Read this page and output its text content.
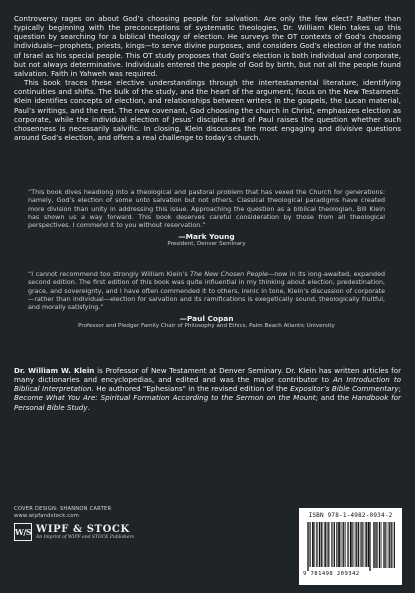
Controversy rages on about God’s choosing people for salvation. Are only the few elect? Rather than typically beginning with the preconceptions of systematic theologies, Dr. William Klein takes up this question by searching for a biblical theology of election. He surveys the OT contexts of God’s choosing individuals—prophets, priests, kings—to serve divine purposes, and considers God’s election of the nation of Israel as his special people. This OT study proposes that God’s election is both individual and corporate, but not always determinative. Individuals entered the people of God by birth, but not all the people found salvation. Faith in Yahweh was required.

This book traces these elective understandings through the intertestamental literature, identifying continuities and shifts. The bulk of the study, and the heart of the argument, focus on the New Testament. Klein identifies concepts of election, and relationships between writers in the gospels, the Lucan material, Paul’s writings, and the rest. The new covenant, God choosing the church in Christ, emphasizes election as corporate, while the individual election of Jesus’ disciples and of Paul raises the question whether such chosenness is necessarily salvific. In closing, Klein discusses the most engaging and divisive questions around God’s election, and offers a real challenge to today’s church.

“This book dives headlong into a theological and pastoral problem that has vexed the Church for generations: namely, God’s election of some unto salvation but not others. Classical theological paradigms have created more division than unity in addressing this issue. Approaching the question as a biblical theologian, Bill Klein has shown us a way forward. This book deserves careful consideration by those from all theological perspectives. I commend it to you without reservation.”

—Mark Young
President, Denver Seminary

“I cannot recommend too strongly William Klein’s The New Chosen People—now in its long-awaited, expanded second edition. The first edition of this book was quite influential in my thinking about election, predestination, grace, and sovereignty, and I have often commended it to others, irenic in tone, Klein’s discussion of corporate—rather than individual—election for salvation and its ramifications is exegetically sound, theologically fruitful, and morally satisfying.”

—Paul Copan
Professor and Pledger Family Chair of Philosophy and Ethics, Palm Beach Atlantic University

Dr. William W. Klein is Professor of New Testament at Denver Seminary. Dr. Klein has written articles for many dictionaries and encyclopedias, and edited and was the major contributor to An Introduction to Biblical Interpretation. He authored "Ephesians" in the revised edition of the Expositor’s Bible Commentary; Become What You Are: Spiritual Formation According to the Sermon on the Mount; and the Handbook for Personal Bible Study.

COVER DESIGN: SHANNON CARTER
www.wipfandstock.com
W/S WIPF & STOCK
An Imprint of WIPF and STOCK Publishers
ISBN 978-1-4982-0934-2
9 781498 209342
